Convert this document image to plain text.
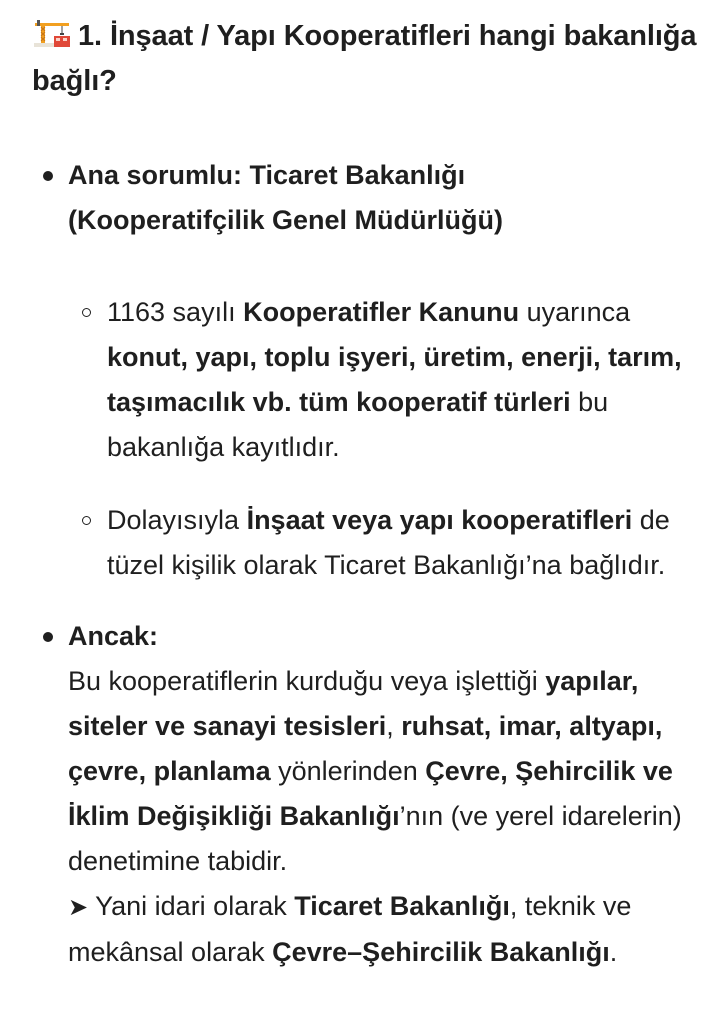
1. İnşaat / Yapı Kooperatifleri hangi bakanlığa bağlı?
Ana sorumlu: Ticaret Bakanlığı
(Kooperatifçilik Genel Müdürlüğü)
1163 sayılı Kooperatifler Kanunu uyarınca konut, yapı, toplu işyeri, üretim, enerji, tarım, taşımacılık vb. tüm kooperatif türleri bu bakanlığa kayıtlıdır.
Dolayısıyla İnşaat veya yapı kooperatifleri de tüzel kişilik olarak Ticaret Bakanlığı’na bağlıdır.
Ancak:
Bu kooperatiflerin kurduğu veya işlettiği yapılar, siteler ve sanayi tesisleri, ruhsat, imar, altyapı, çevre, planlama yönlerinden Çevre, Şehircilik ve İklim Değişikliği Bakanlığı’nın (ve yerel idarelerin) denetimine tabidir.
➤ Yani idari olarak Ticaret Bakanlığı, teknik ve mekânsal olarak Çevre–Şehircilik Bakanlığı.
